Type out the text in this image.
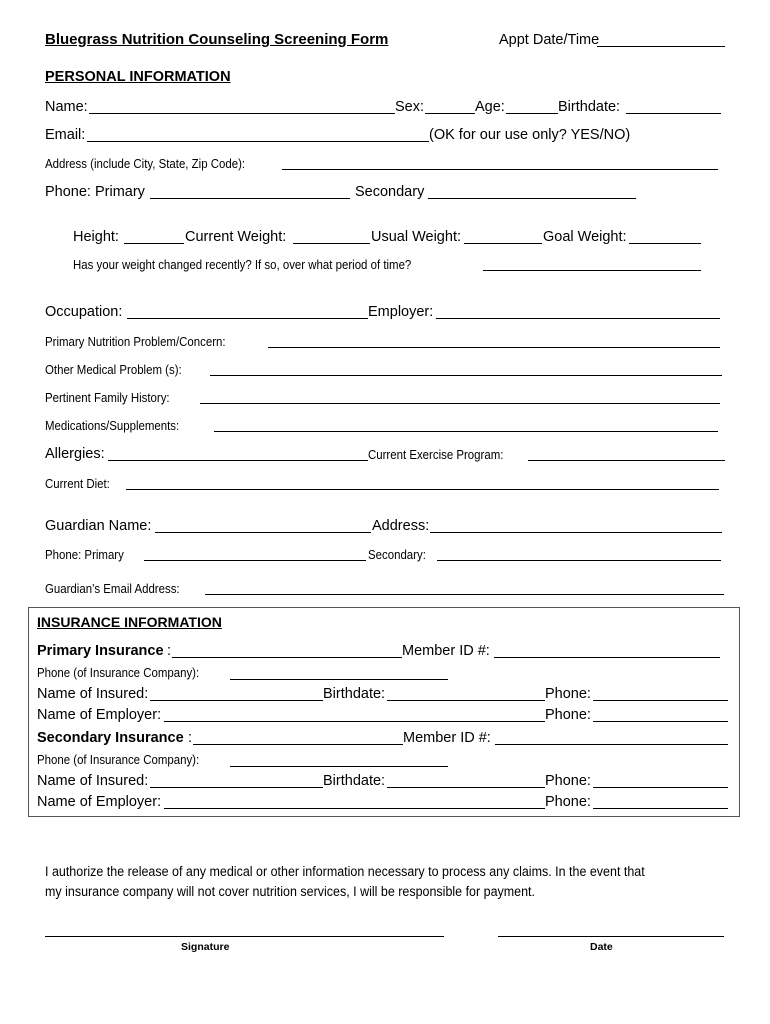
Bluegrass Nutrition Counseling Screening Form	Appt Date/Time
PERSONAL INFORMATION
Name:	Sex:	Age:	Birthdate:
Email:	(OK for our use only? YES/NO)
Address (include City, State, Zip Code):
Phone: Primary	Secondary
Height:	Current Weight:	Usual Weight:	Goal Weight:
Has your weight changed recently? If so, over what period of time?
Occupation:	Employer:
Primary Nutrition Problem/Concern:
Other Medical Problem (s):
Pertinent Family History:
Medications/Supplements:
Allergies:	Current Exercise Program:
Current Diet:
Guardian Name:	Address:
Phone: Primary	Secondary:
Guardian’s Email Address:
INSURANCE INFORMATION
Primary Insurance :	Member ID #:
Phone (of Insurance Company):
Name of Insured:	Birthdate:	Phone:
Name of Employer:	Phone:
Secondary Insurance :	Member ID #:
Phone (of Insurance Company):
Name of Insured:	Birthdate:	Phone:
Name of Employer:	Phone:
I authorize the release of any medical or other information necessary to process any claims. In the event that
my insurance company will not cover nutrition services, I will be responsible for payment.
Signature	Date
